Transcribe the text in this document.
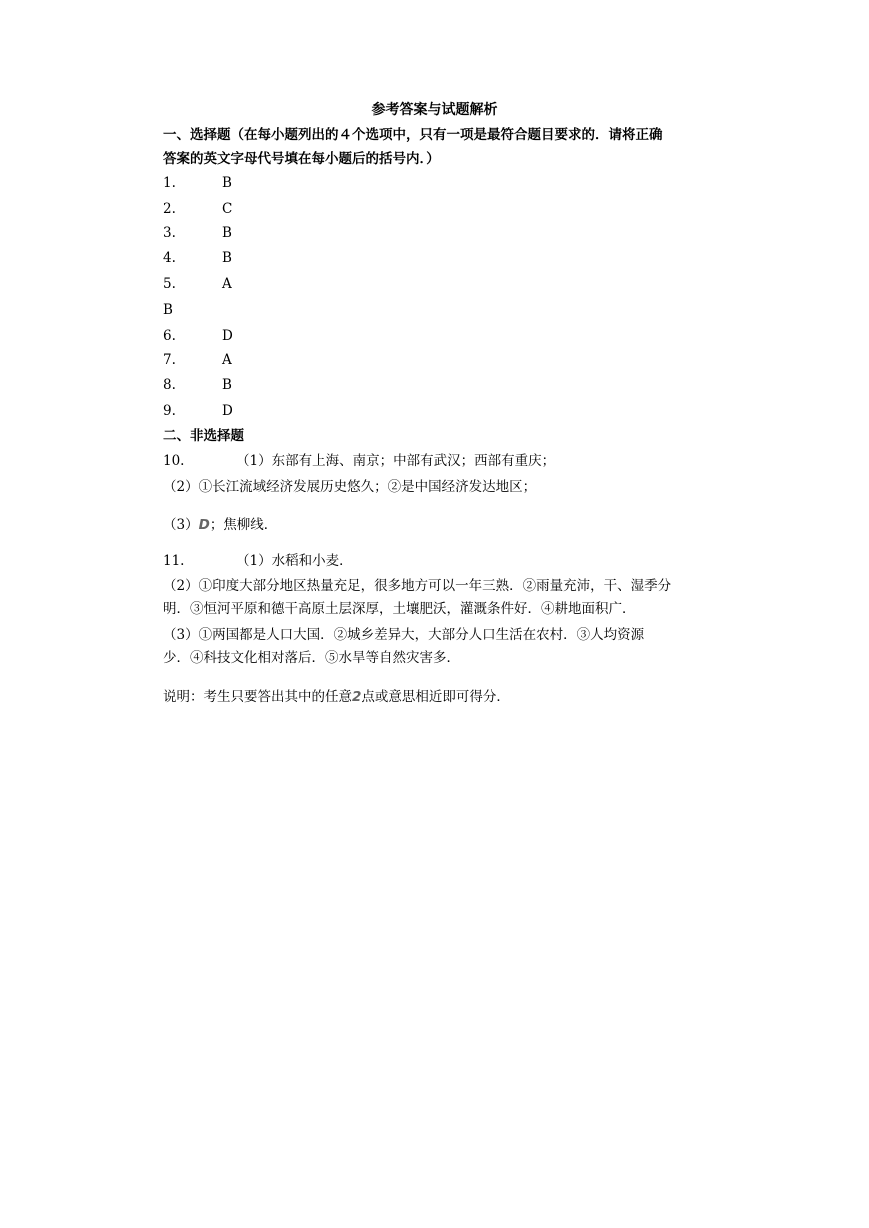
参考答案与试题解析
一、选择题（在每小题列出的４个选项中，只有一项是最符合题目要求的．请将正确
答案的英文字母代号填在每小题后的括号内．）
1.	B
2.	C
3.	B
4.	B
5.	A
B
6.	D
7.	A
8.	B
9.	D
二、非选择题
10.	（1）东部有上海、南京；中部有武汉；西部有重庆；
（2）①长江流域经济发展历史悠久；②是中国经济发达地区；
（3）D；焦柳线．
11.	（1）水稻和小麦．
（2）①印度大部分地区热量充足，很多地方可以一年三熟．②雨量充沛，干、湿季分
明．③恒河平原和德干高原土层深厚，土壤肥沃，灌溉条件好．④耕地面积广．
（3）①两国都是人口大国．②城乡差异大，大部分人口生活在农村．③人均资源
少．④科技文化相对落后．⑤水旱等自然灾害多．
说明：考生只要答出其中的任意2点或意思相近即可得分．
